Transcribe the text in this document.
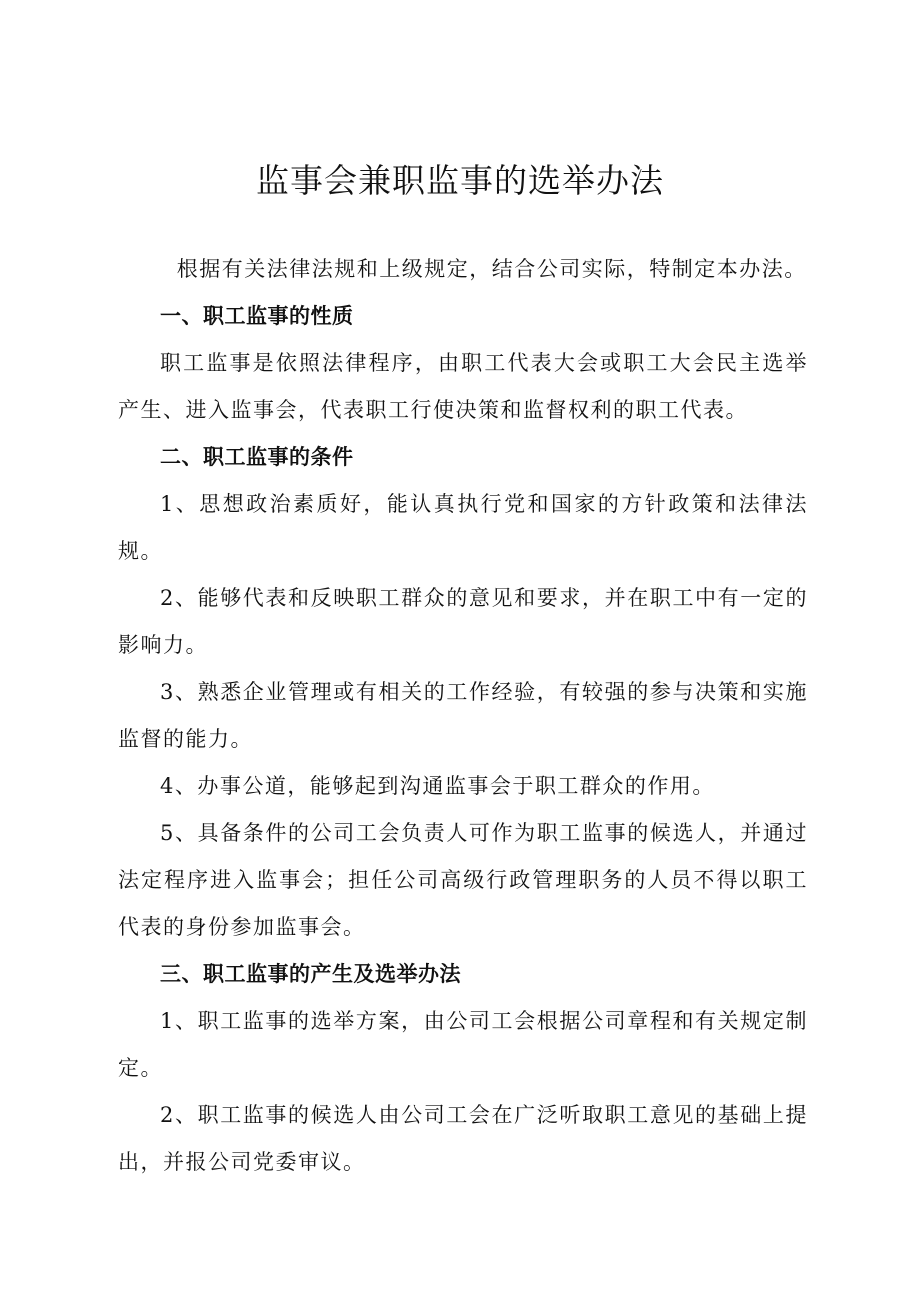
监事会兼职监事的选举办法

根据有关法律法规和上级规定，结合公司实际，特制定本办法。

一、职工监事的性质

职工监事是依照法律程序，由职工代表大会或职工大会民主选举产生、进入监事会，代表职工行使决策和监督权利的职工代表。

二、职工监事的条件

1、思想政治素质好，能认真执行党和国家的方针政策和法律法规。

2、能够代表和反映职工群众的意见和要求，并在职工中有一定的影响力。

3、熟悉企业管理或有相关的工作经验，有较强的参与决策和实施监督的能力。

4、办事公道，能够起到沟通监事会于职工群众的作用。

5、具备条件的公司工会负责人可作为职工监事的候选人，并通过法定程序进入监事会；担任公司高级行政管理职务的人员不得以职工代表的身份参加监事会。

三、职工监事的产生及选举办法

1、职工监事的选举方案，由公司工会根据公司章程和有关规定制定。

2、职工监事的候选人由公司工会在广泛听取职工意见的基础上提出，并报公司党委审议。
